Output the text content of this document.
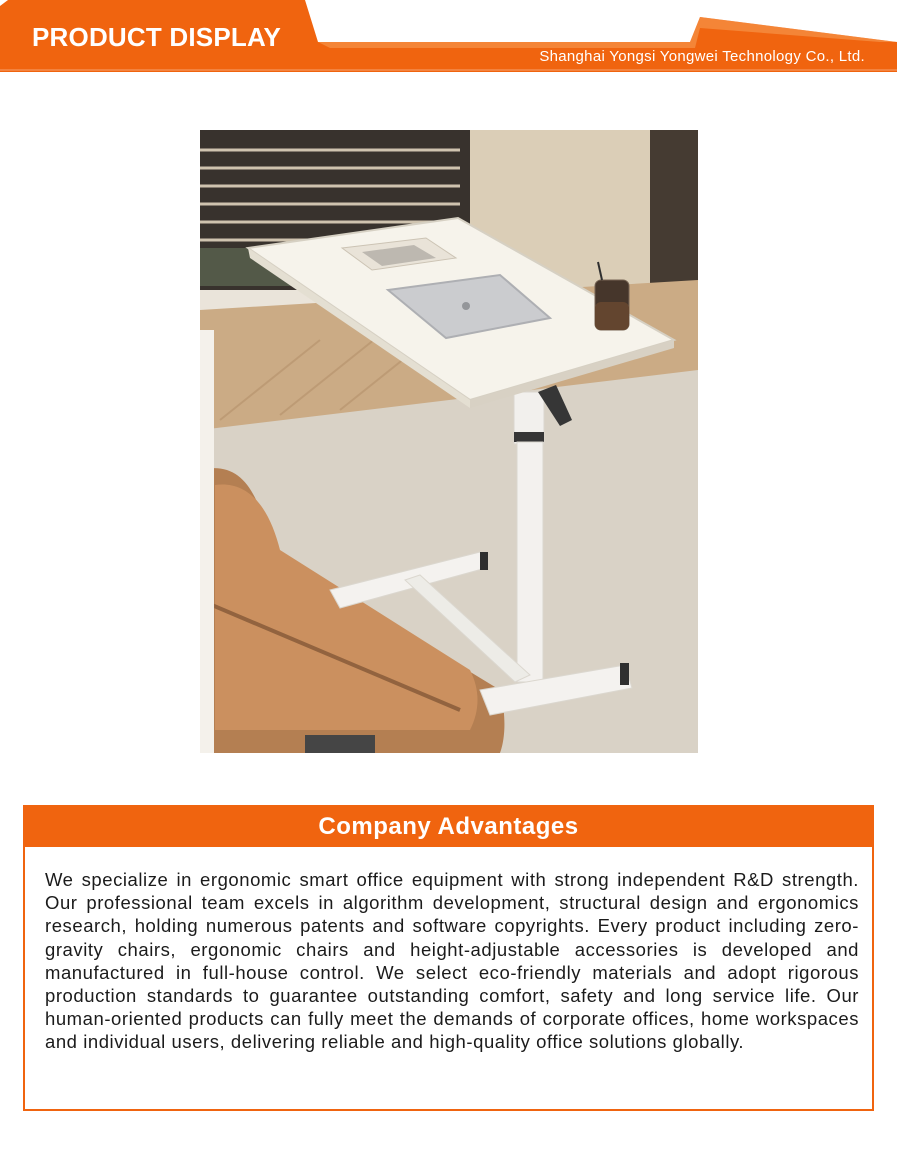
PRODUCT DISPLAY
Shanghai Yongsi Yongwei Technology Co., Ltd.
Company Advantages
We specialize in ergonomic smart office equipment with strong independent R&D strength. Our professional team excels in algorithm development, structural design and ergonomics research, holding numerous patents and software copyrights. Every product including zero-gravity chairs, ergonomic chairs and height-adjustable accessories is developed and manufactured in full-house control. We select eco-friendly materials and adopt rigorous production standards to guarantee outstanding comfort, safety and long service life. Our human-oriented products can fully meet the demands of corporate offices, home workspaces and individual users, delivering reliable and high-quality office solutions globally.
